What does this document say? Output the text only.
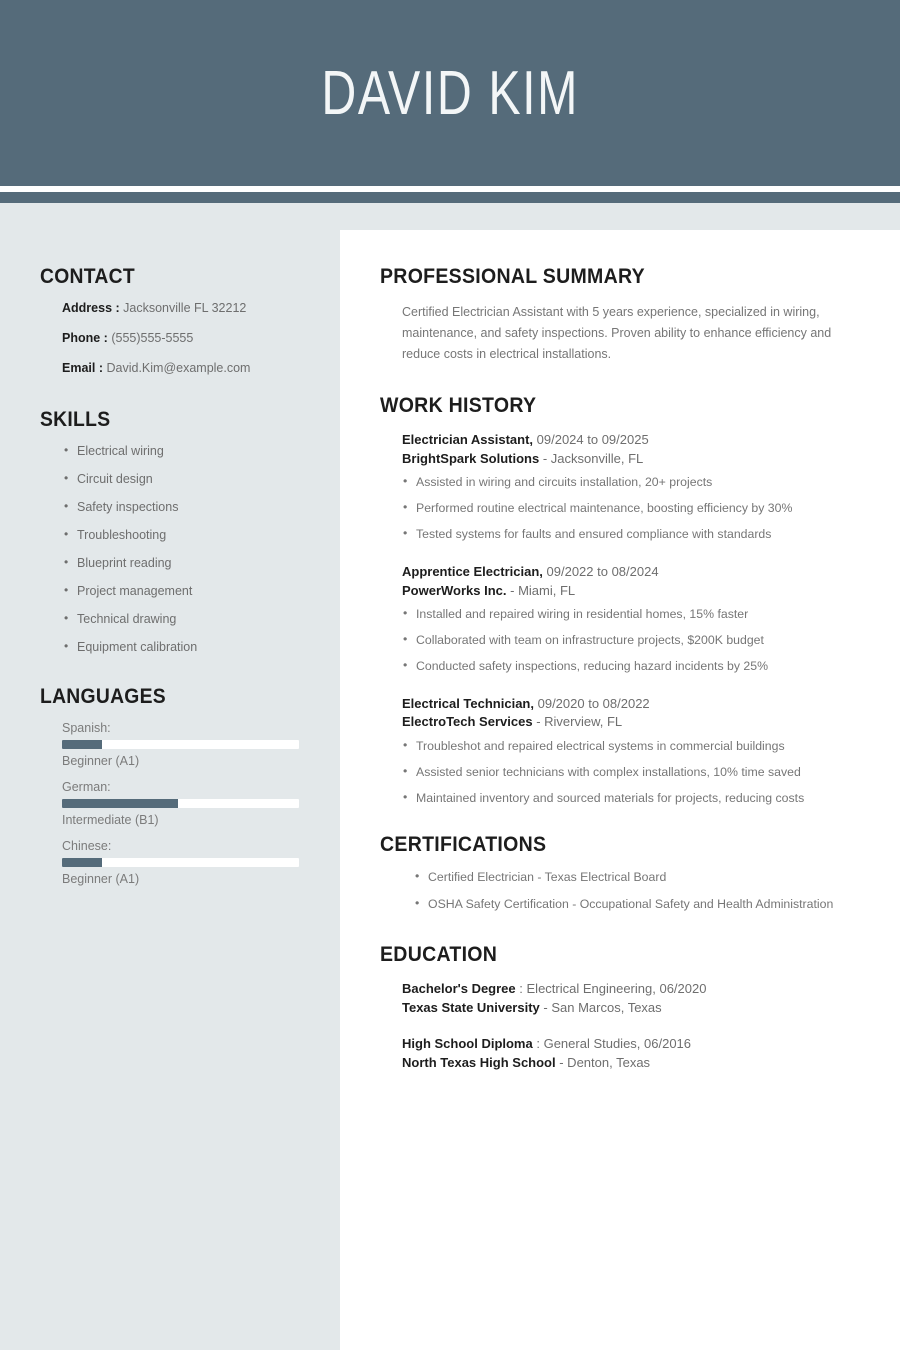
DAVID KIM
CONTACT
Address : Jacksonville FL 32212
Phone : (555)555-5555
Email : David.Kim@example.com
SKILLS
• Electrical wiring
• Circuit design
• Safety inspections
• Troubleshooting
• Blueprint reading
• Project management
• Technical drawing
• Equipment calibration
LANGUAGES
Spanish:
Beginner (A1)
German:
Intermediate (B1)
Chinese:
Beginner (A1)
PROFESSIONAL SUMMARY
Certified Electrician Assistant with 5 years experience, specialized in wiring, maintenance, and safety inspections. Proven ability to enhance efficiency and reduce costs in electrical installations.
WORK HISTORY
Electrician Assistant, 09/2024 to 09/2025
BrightSpark Solutions - Jacksonville, FL
• Assisted in wiring and circuits installation, 20+ projects
• Performed routine electrical maintenance, boosting efficiency by 30%
• Tested systems for faults and ensured compliance with standards
Apprentice Electrician, 09/2022 to 08/2024
PowerWorks Inc. - Miami, FL
• Installed and repaired wiring in residential homes, 15% faster
• Collaborated with team on infrastructure projects, $200K budget
• Conducted safety inspections, reducing hazard incidents by 25%
Electrical Technician, 09/2020 to 08/2022
ElectroTech Services - Riverview, FL
• Troubleshot and repaired electrical systems in commercial buildings
• Assisted senior technicians with complex installations, 10% time saved
• Maintained inventory and sourced materials for projects, reducing costs
CERTIFICATIONS
• Certified Electrician - Texas Electrical Board
• OSHA Safety Certification - Occupational Safety and Health Administration
EDUCATION
Bachelor's Degree : Electrical Engineering, 06/2020
Texas State University - San Marcos, Texas
High School Diploma : General Studies, 06/2016
North Texas High School - Denton, Texas
